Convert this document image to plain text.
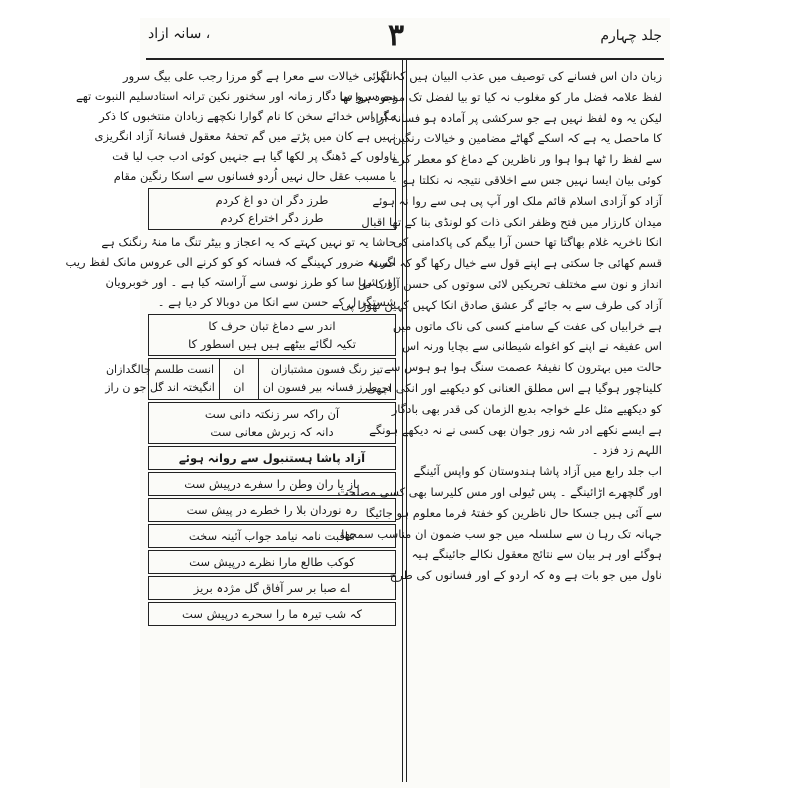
، سانہ ازاد	۳	جلد چہارم
زبان دان اس فسانے کی توصیف میں عذب البیان ہیں کہ اگر
لفظ علامہ فضل مار کو مغلوب نہ کیا تو بیا لفضل تک موجود ہوا تھا
لیکن یہ وہ لفظ نہیں ہے جو سرکشی پر آمادہ ہو فسانۂ آزاد
کا ماحصل یہ ہے کہ اسکے گھاٹے مضامین و خیالات رنگین
سے لفظ را ٹھا ہوا ہوا ور ناظرین کے دماغ کو معطر کرے
کوئی بیان ایسا نہیں جس سے اخلاقی نتیجہ نہ نکلتا ہو
آزاد کو آزادی اسلام قائم ملک اور آپ پی ہی سے روا نہ ہوئے
میدان کارزار میں فتح وظفر انکی ذات کو لونڈی بنا کے تھا اقبال
انکا ناخریہ غلام بھاگتا تھا حسن آرا بیگم کی پاکدامنی کی
قسم کھائی جا سکتی ہے اپنے قول سے خیال رکھا گو کہ حسنۂ
انداز و نون سے مختلف تحریکیں لائی سوتوں کی حسن آرا کا دل
آزاد کی طرف سے بہ جائے گر عشق صادق انکا کہیں کہیں تھوڑا پی
ہے خرابیاں کی عفت کے سامنے کسی کی ناک ماتوں میں
اس عفیفہ نے اپنے کو اغواے شیطانی سے بچایا ورنہ اس
حالت میں بہترون کا نفیفۂ عصمت سنگ ہوا ہو ہوس سے
کلیناچور ہوگیا ہے اس مطلق العنانی کو دیکھیے اور انکی اچھی
کو دیکھیے مثل علے خواجہ بدیع الزمان کی قدر بھی بادگار
ہے ایسے نکھے ادر شہ زور جوان بھی کسی نے نہ دیکھے ہونگے
اللہم زد فزد ۔
اب جلد رابع میں آزاد پاشا ہندوستان کو واپس آئینگے
اور گلچھرے اڑائینگے ۔ پس ٹیولی اور مس کلیرسا بھی کسی مصلحت
سے آئی ہیں جسکا حال ناظرین کو خفتۂ فرما معلوم ہو جائیگا
جہانہ تک رہا ن سے سلسلہ میں جو سب ضمون ان مناسب سمجھا
ہوگئے اور ہر بیان سے نتائج معقول نکالے جائینگے ہیہ
ناول میں جو بات ہے وہ کہ اردو کے اور فسانوں کی طرح
انتہائی خیالات سے معرا ہے گو مرزا رجب علی بیگ سرور
ہم سرو سا دگار زمانہ اور سخنور نکین ترانہ استادسلیم النبوت تھے
مگر اس خدائے سخن کا نام گوارا نکچھے زبادان منتخبوں کا ذکر
نہیں ہے کان میں پڑتے میں گم تحفۂ معقول فسانۂ آزاد انگریزی
ناولوں کے ڈھنگ پر لکھا گیا ہے جنہیں کوئی ادب جب لیا قت
یا مسبب عقل حال نہیں اُردو فسانوں سے اسکا رنگین مقام
طرز دگر ان دو اغ کردم
طرز دگر اختراع کردم
حاشا یہ تو نہیں کہتے کہ یہ اعجاز و بیٹر تنگ ما منۂ رنگنک ہے
اگر یہ ضرور کہینگے کہ فسانہ کو کو کرنے الی عروس مانک لفظ ریب
اور شہا سا کو طرز نوسی سے آراستہ کیا ہے ۔ اور خوبرویان
شستگر ل کے حسن سے انکا من دوبالا کر دیا ہے ۔
اندر سے دماغ تبان حرف کا
تکیہ لگائے بیٹھے ہیں ہیں اسطور کا
تیز رنگ فسون مشتبازان
در طرز فسانہ بیر فسون ان
ان
ان
انست طلسم جالگدازان
انگیختہ اند گل جو ن راز
آن راکہ سر زنکتہ دانی ست
دانہ کہ زبرش معانی ست
آزاد پاشا ہستنبول سے روانہ ہوئے
باز یا ران وطن را سفرے درپیش ست
رہ نوردان بلا را خطرے در پیش ست
عاقبت نامہ نیامد جواب آئینہ سخت
کوکب طالع مارا نظرے درپیش ست
اے صبا بر سر آفاق گل مژدہ بریز
کہ شب تیرہ ما را سحرے درپیش ست
